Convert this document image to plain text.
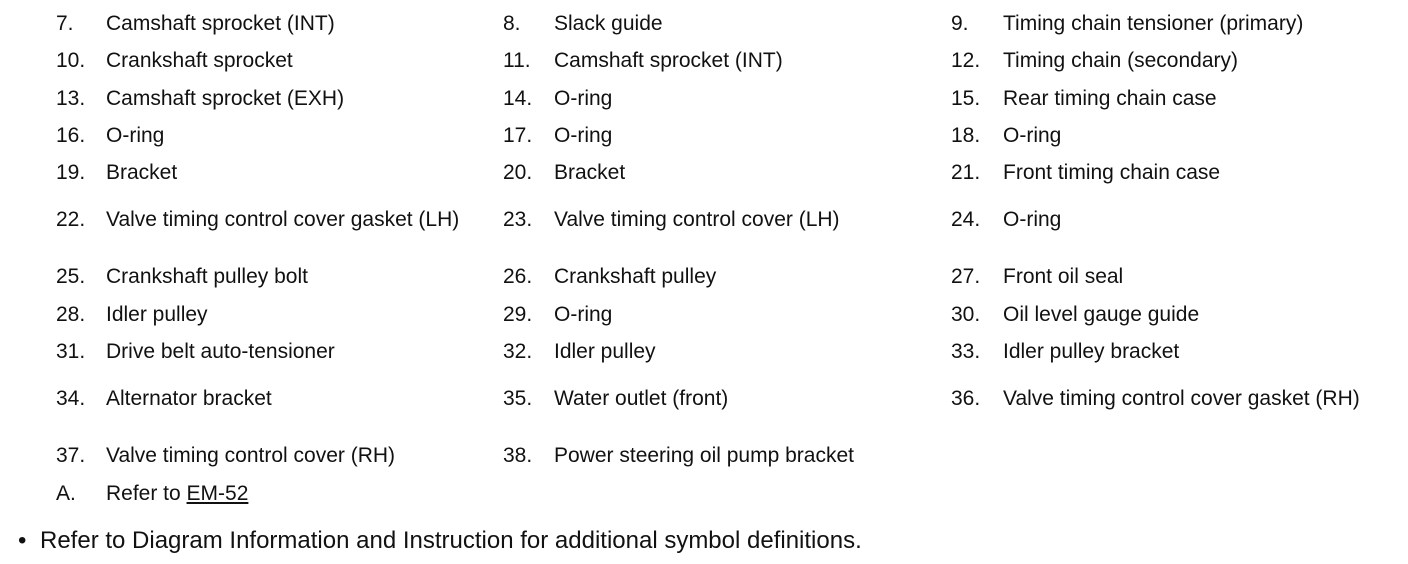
7. Camshaft sprocket (INT)	8. Slack guide	9. Timing chain tensioner (primary)
10. Crankshaft sprocket	11. Camshaft sprocket (INT)	12. Timing chain (secondary)
13. Camshaft sprocket (EXH)	14. O-ring	15. Rear timing chain case
16. O-ring	17. O-ring	18. O-ring
19. Bracket	20. Bracket	21. Front timing chain case
22. Valve timing control cover gasket (LH)	23. Valve timing control cover (LH)	24. O-ring
25. Crankshaft pulley bolt	26. Crankshaft pulley	27. Front oil seal
28. Idler pulley	29. O-ring	30. Oil level gauge guide
31. Drive belt auto-tensioner	32. Idler pulley	33. Idler pulley bracket
34. Alternator bracket	35. Water outlet (front)	36. Valve timing control cover gasket (RH)
37. Valve timing control cover (RH)	38. Power steering oil pump bracket
A. Refer to EM-52
• Refer to Diagram Information and Instruction for additional symbol definitions.
